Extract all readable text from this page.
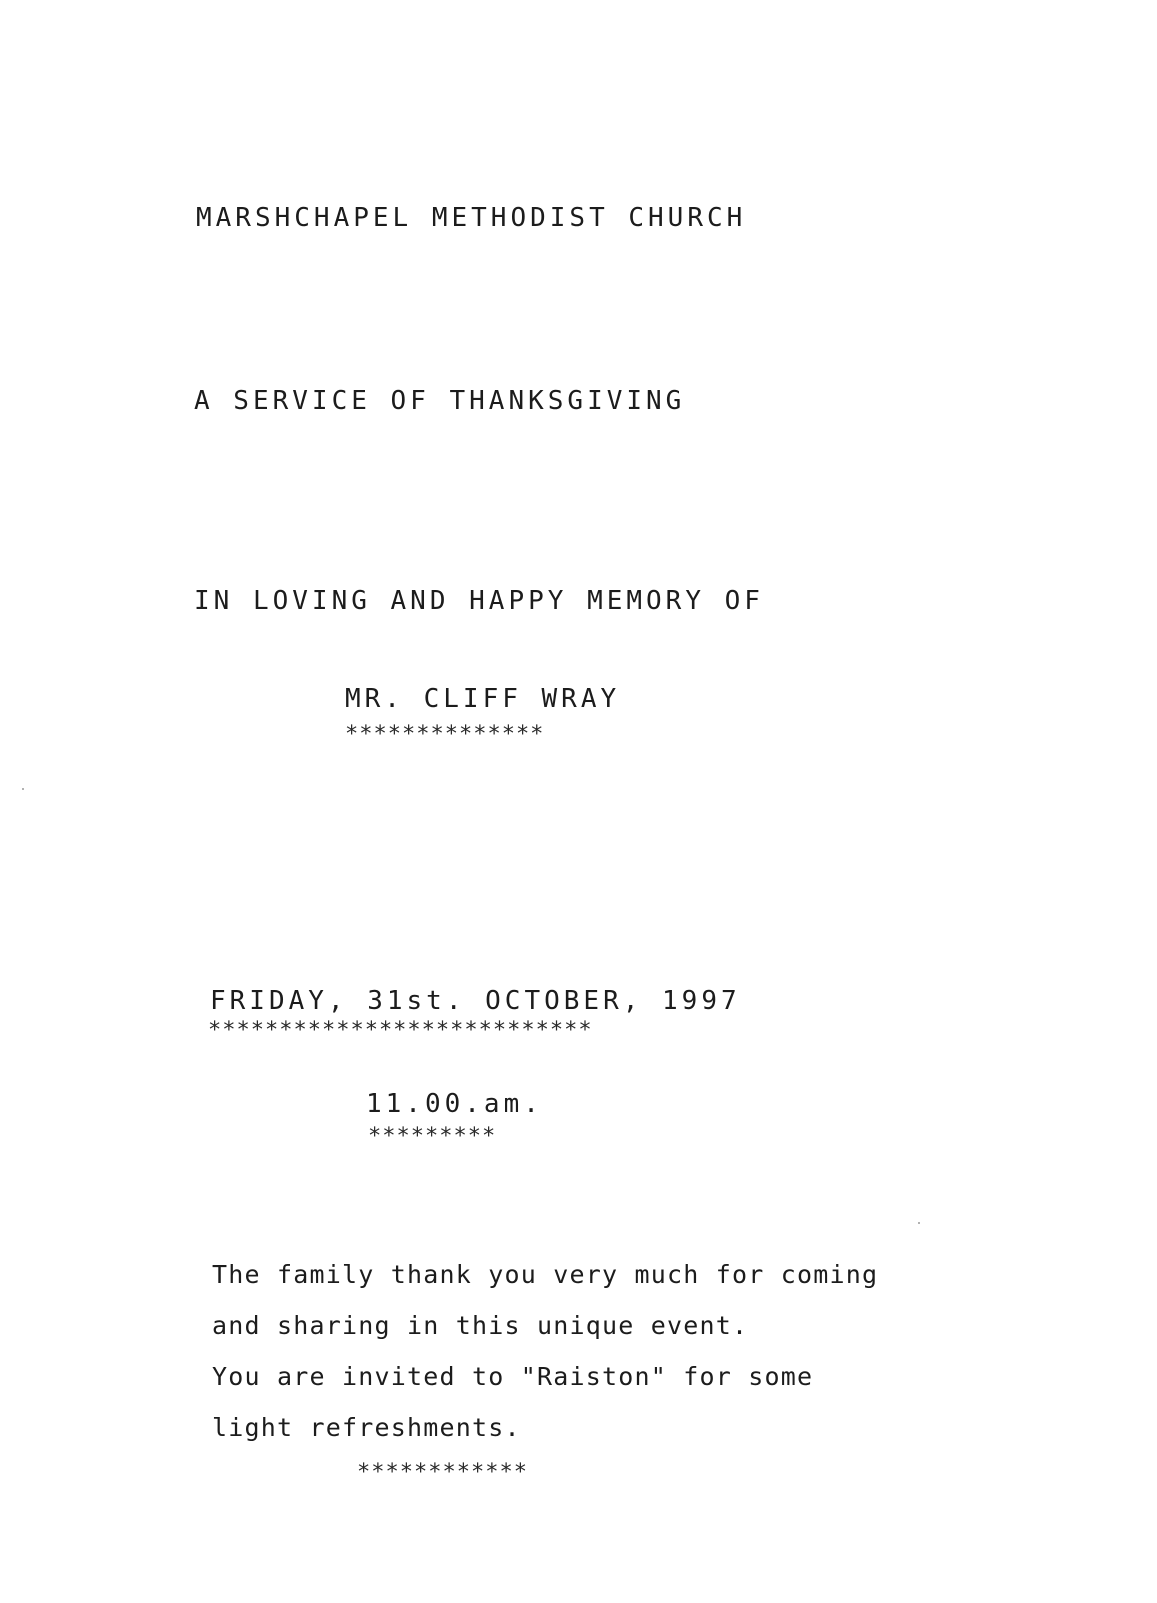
MARSHCHAPEL METHODIST CHURCH
A SERVICE OF THANKSGIVING
IN LOVING AND HAPPY MEMORY OF
MR. CLIFF WRAY
**************
FRIDAY, 31st. OCTOBER, 1997
***************************
11.00.am.
*********
The family thank you very much for coming
and sharing in this unique event.
You are invited to "Raiston" for some
light refreshments.
************
